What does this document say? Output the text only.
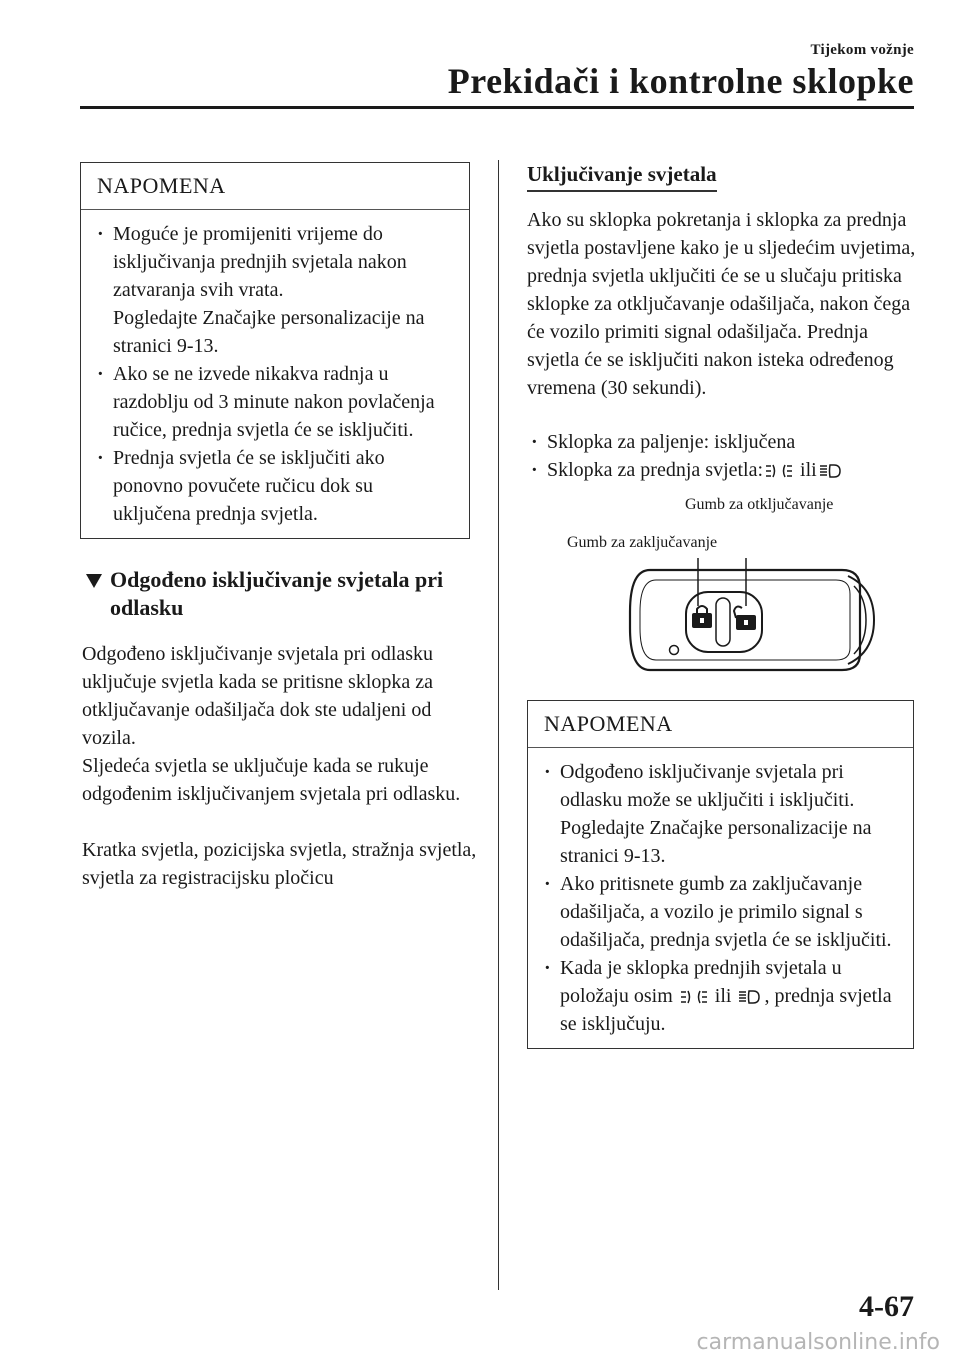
Tijekom vožnje
Prekidači i kontrolne sklopke
NAPOMENA
· Moguće je promijeniti vrijeme do isključivanja prednjih svjetala nakon zatvaranja svih vrata.
Pogledajte Značajke personalizacije na stranici 9-13.
· Ako se ne izvede nikakva radnja u razdoblju od 3 minute nakon povlačenja ručice, prednja svjetla će se isključiti.
· Prednja svjetla će se isključiti ako ponovno povučete ručicu dok su uključena prednja svjetla.
Odgođeno isključivanje svjetala pri odlasku

Odgođeno isključivanje svjetala pri odlasku uključuje svjetla kada se pritisne sklopka za otključavanje odašiljača dok ste udaljeni od vozila.

Sljedeća svjetla se uključuje kada se rukuje odgođenim isključivanjem svjetala pri odlasku.

Kratka svjetla, pozicijska svjetla, stražnja svjetla, svjetla za registracijsku pločicu

Uključivanje svjetala

Ako su sklopka pokretanja i sklopka za prednja svjetla postavljene kako je u sljedećim uvjetima, prednja svjetla uključiti će se u slučaju pritiska sklopke za otključavanje odašiljača, nakon čega će vozilo primiti signal odašiljača. Prednja svjetla će se isključiti nakon isteka određenog vremena (30 sekundi).

· Sklopka za paljenje: isključena
· Sklopka za prednja svjetla: ili
Gumb za otključavanje
Gumb za zaključavanje
NAPOMENA
· Odgođeno isključivanje svjetala pri odlasku može se uključiti i isključiti.
Pogledajte Značajke personalizacije na stranici 9-13.
· Ako pritisnete gumb za zaključavanje odašiljača, a vozilo je primilo signal s odašiljača, prednja svjetla će se isključiti.
· Kada je sklopka prednjih svjetala u položaju osim ili , prednja svjetla se isključuju.
4-67
carmanualsonline.info
